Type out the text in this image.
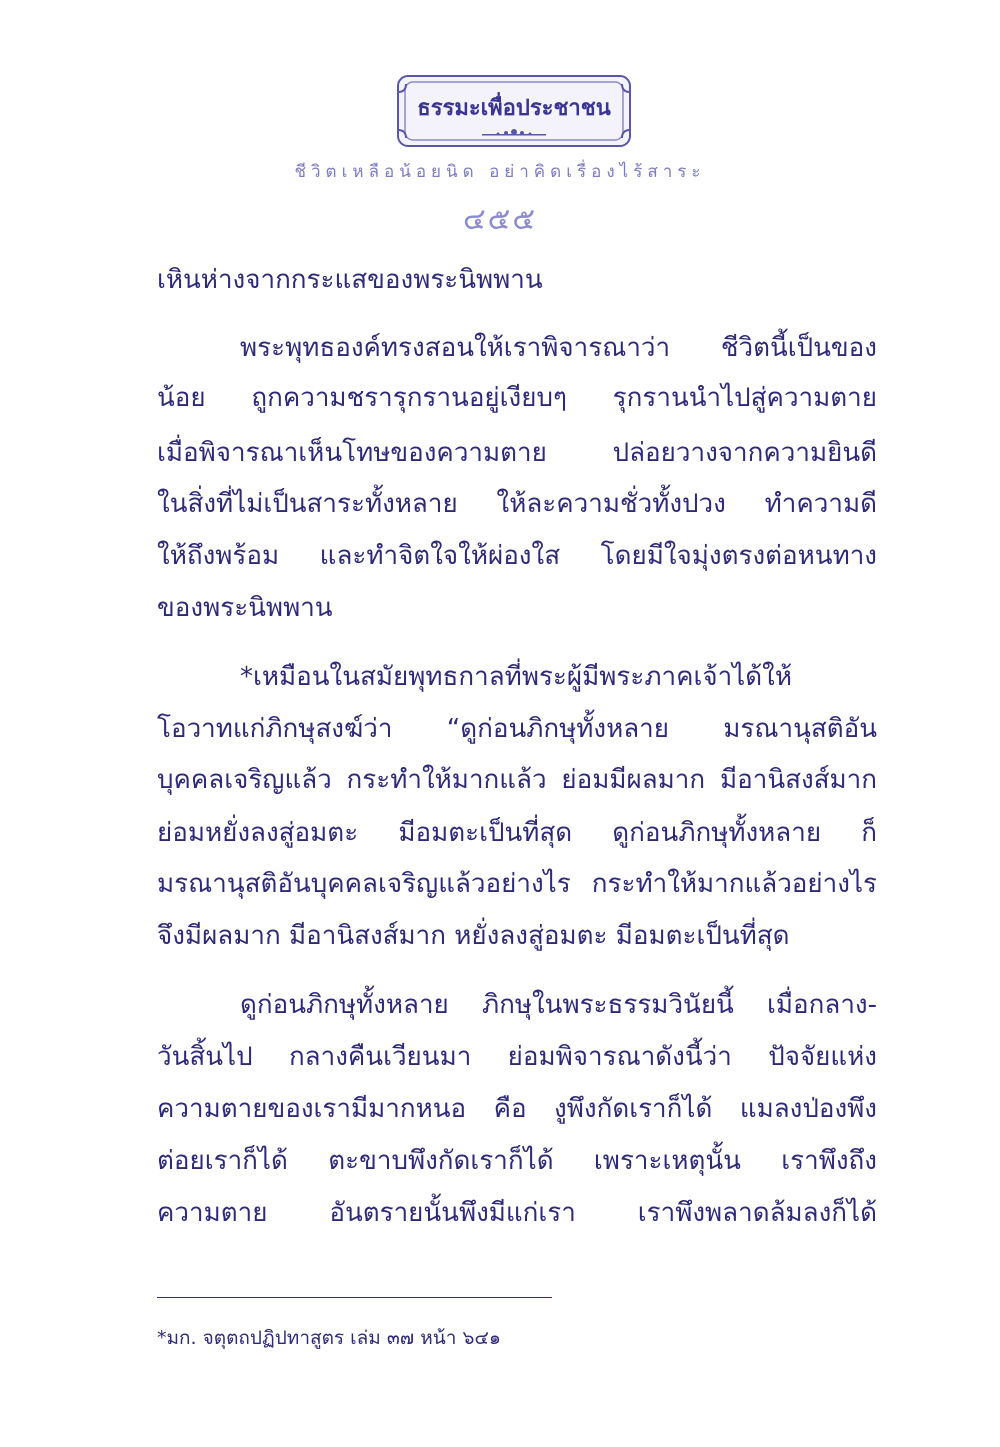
ธรรมะเพื่อประชาชน
ชีวิตเหลือน้อยนิด อย่าคิดเรื่องไร้สาระ
๔๕๕
เหินห่างจากกระแสของพระนิพพาน
พระพุทธองค์ทรงสอนให้เราพิจารณาว่า ชีวิตนี้เป็นของ
น้อย ถูกความชรารุกรานอยู่เงียบๆ รุกรานนำไปสู่ความตาย
เมื่อพิจารณาเห็นโทษของความตาย ปล่อยวางจากความยินดี
ในสิ่งที่ไม่เป็นสาระทั้งหลาย ให้ละความชั่วทั้งปวง ทำความดี
ให้ถึงพร้อม และทำจิตใจให้ผ่องใส โดยมีใจมุ่งตรงต่อหนทาง
ของพระนิพพาน
*เหมือนในสมัยพุทธกาลที่พระผู้มีพระภาคเจ้าได้ให้
โอวาทแก่ภิกษุสงฆ์ว่า “ดูก่อนภิกษุทั้งหลาย มรณานุสติอัน
บุคคลเจริญแล้ว กระทำให้มากแล้ว ย่อมมีผลมาก มีอานิสงส์มาก
ย่อมหยั่งลงสู่อมตะ มีอมตะเป็นที่สุด ดูก่อนภิกษุทั้งหลาย ก็
มรณานุสติอันบุคคลเจริญแล้วอย่างไร กระทำให้มากแล้วอย่างไร
จึงมีผลมาก มีอานิสงส์มาก หยั่งลงสู่อมตะ มีอมตะเป็นที่สุด
ดูก่อนภิกษุทั้งหลาย ภิกษุในพระธรรมวินัยนี้ เมื่อกลาง-
วันสิ้นไป กลางคืนเวียนมา ย่อมพิจารณาดังนี้ว่า ปัจจัยแห่ง
ความตายของเรามีมากหนอ คือ งูพึงกัดเราก็ได้ แมลงป่องพึง
ต่อยเราก็ได้ ตะขาบพึงกัดเราก็ได้ เพราะเหตุนั้น เราพึงถึง
ความตาย อันตรายนั้นพึงมีแก่เรา เราพึงพลาดล้มลงก็ได้
*มก. จตุตถปฏิปทาสูตร เล่ม ๓๗ หน้า ๖๔๑
